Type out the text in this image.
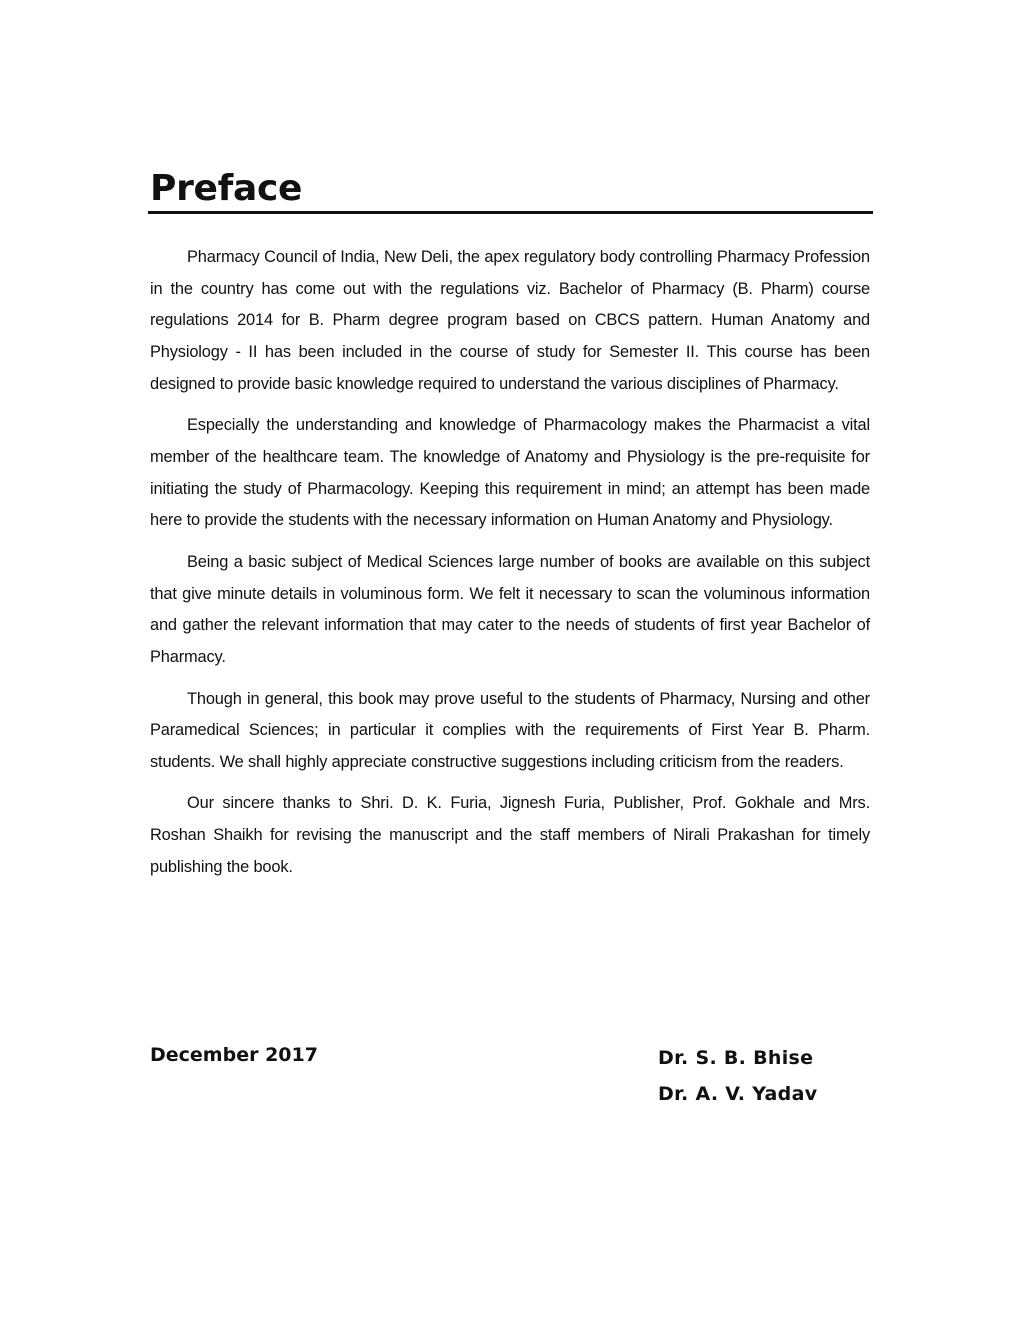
Preface

Pharmacy Council of India, New Deli, the apex regulatory body controlling Pharmacy Profession in the country has come out with the regulations viz. Bachelor of Pharmacy (B. Pharm) course regulations 2014 for B. Pharm degree program based on CBCS pattern. Human Anatomy and Physiology - II has been included in the course of study for Semester II. This course has been designed to provide basic knowledge required to understand the various disciplines of Pharmacy.

Especially the understanding and knowledge of Pharmacology makes the Pharmacist a vital member of the healthcare team. The knowledge of Anatomy and Physiology is the pre-requisite for initiating the study of Pharmacology. Keeping this requirement in mind; an attempt has been made here to provide the students with the necessary information on Human Anatomy and Physiology.

Being a basic subject of Medical Sciences large number of books are available on this subject that give minute details in voluminous form. We felt it necessary to scan the voluminous information and gather the relevant information that may cater to the needs of students of first year Bachelor of Pharmacy.

Though in general, this book may prove useful to the students of Pharmacy, Nursing and other Paramedical Sciences; in particular it complies with the requirements of First Year B. Pharm. students. We shall highly appreciate constructive suggestions including criticism from the readers.

Our sincere thanks to Shri. D. K. Furia, Jignesh Furia, Publisher, Prof. Gokhale and Mrs. Roshan Shaikh for revising the manuscript and the staff members of Nirali Prakashan for timely publishing the book.

December 2017	Dr. S. B. Bhise
Dr. A. V. Yadav
